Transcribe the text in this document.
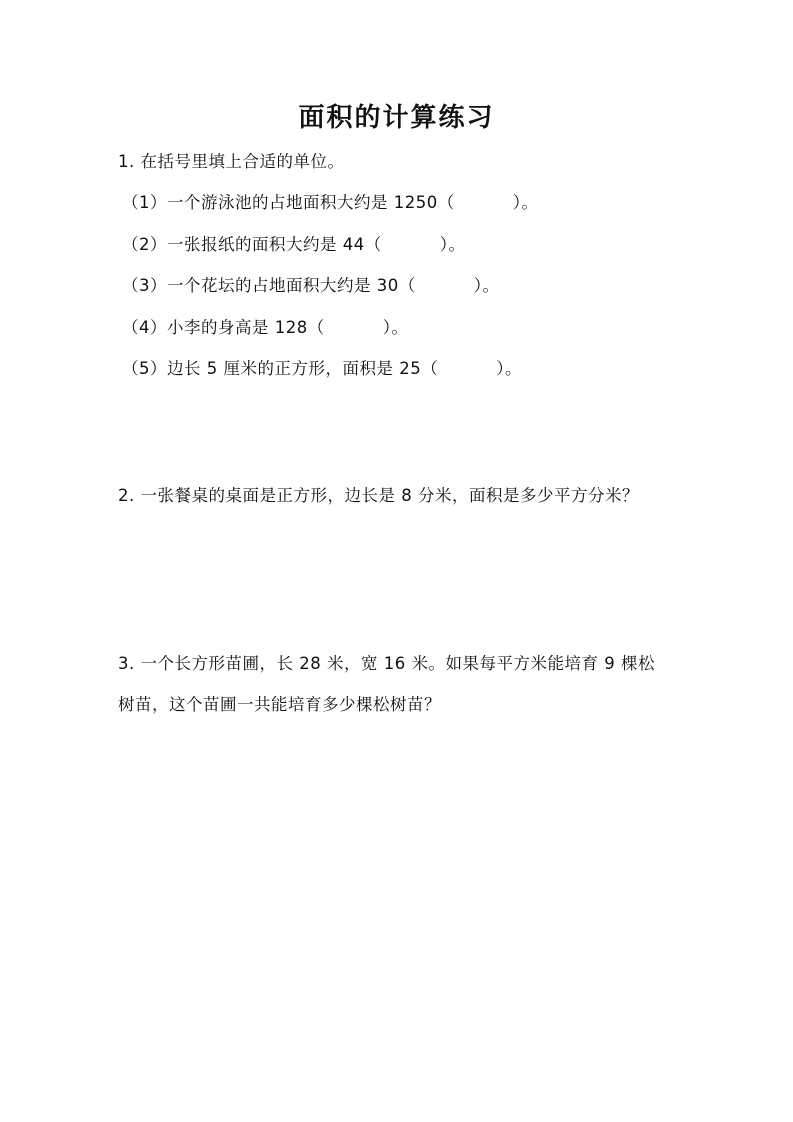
面积的计算练习
1. 在括号里填上合适的单位。
（1）一个游泳池的占地面积大约是 1250（	）。
（2）一张报纸的面积大约是 44（	）。
（3）一个花坛的占地面积大约是 30（	）。
（4）小李的身高是 128（	）。
（5）边长 5 厘米的正方形，面积是 25（	）。
2. 一张餐桌的桌面是正方形，边长是 8 分米，面积是多少平方分米？
3. 一个长方形苗圃，长 28 米，宽 16 米。如果每平方米能培育 9 棵松
树苗，这个苗圃一共能培育多少棵松树苗？
